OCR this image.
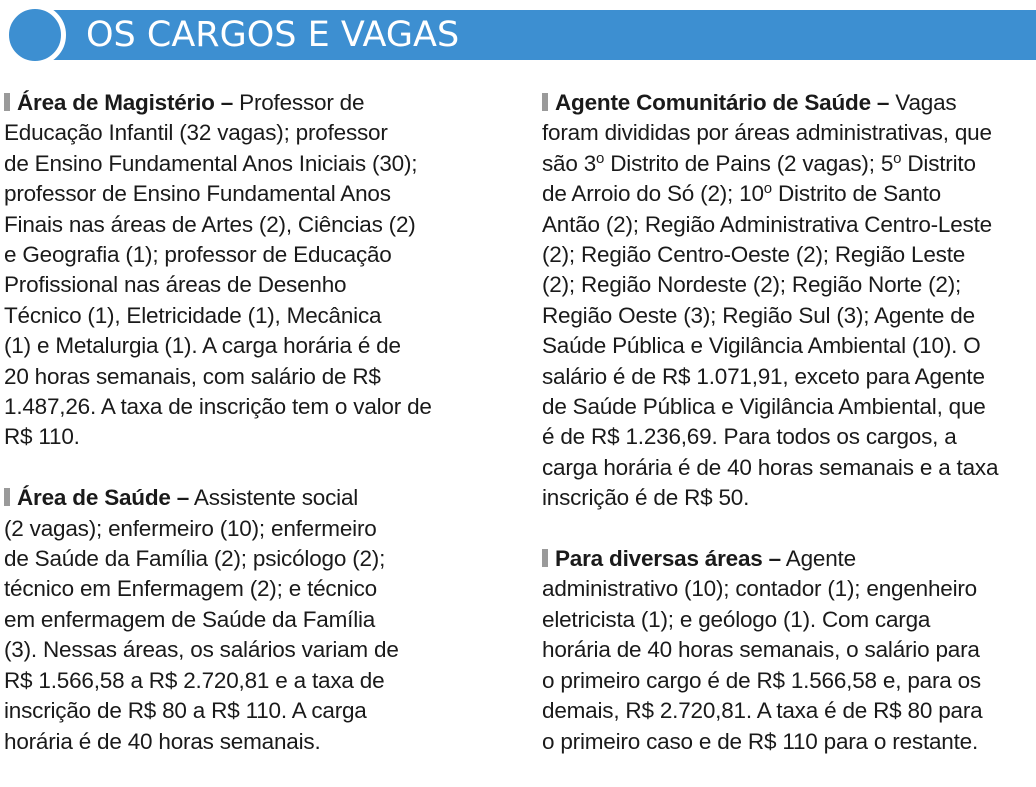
OS CARGOS E VAGAS
Área de Magistério – Professor de
Educação Infantil (32 vagas); professor
de Ensino Fundamental Anos Iniciais (30);
professor de Ensino Fundamental Anos
Finais nas áreas de Artes (2), Ciências (2)
e Geografia (1); professor de Educação
Profissional nas áreas de Desenho
Técnico (1), Eletricidade (1), Mecânica
(1) e Metalurgia (1). A carga horária é de
20 horas semanais, com salário de R$
1.487,26. A taxa de inscrição tem o valor de
R$ 110.
Área de Saúde – Assistente social
(2 vagas); enfermeiro (10); enfermeiro
de Saúde da Família (2); psicólogo (2);
técnico em Enfermagem (2); e técnico
em enfermagem de Saúde da Família
(3). Nessas áreas, os salários variam de
R$ 1.566,58 a R$ 2.720,81 e a taxa de
inscrição de R$ 80 a R$ 110. A carga
horária é de 40 horas semanais.
Agente Comunitário de Saúde – Vagas
foram divididas por áreas administrativas, que
são 3$^o$ Distrito de Pains (2 vagas); 5$^o$ Distrito
de Arroio do Só (2); 10$^o$ Distrito de Santo
Antão (2); Região Administrativa Centro-Leste
(2); Região Centro-Oeste (2); Região Leste
(2); Região Nordeste (2); Região Norte (2);
Região Oeste (3); Região Sul (3); Agente de
Saúde Pública e Vigilância Ambiental (10). O
salário é de R$ 1.071,91, exceto para Agente
de Saúde Pública e Vigilância Ambiental, que
é de R$ 1.236,69. Para todos os cargos, a
carga horária é de 40 horas semanais e a taxa
inscrição é de R$ 50.
Para diversas áreas – Agente
administrativo (10); contador (1); engenheiro
eletricista (1); e geólogo (1). Com carga
horária de 40 horas semanais, o salário para
o primeiro cargo é de R$ 1.566,58 e, para os
demais, R$ 2.720,81. A taxa é de R$ 80 para
o primeiro caso e de R$ 110 para o restante.
